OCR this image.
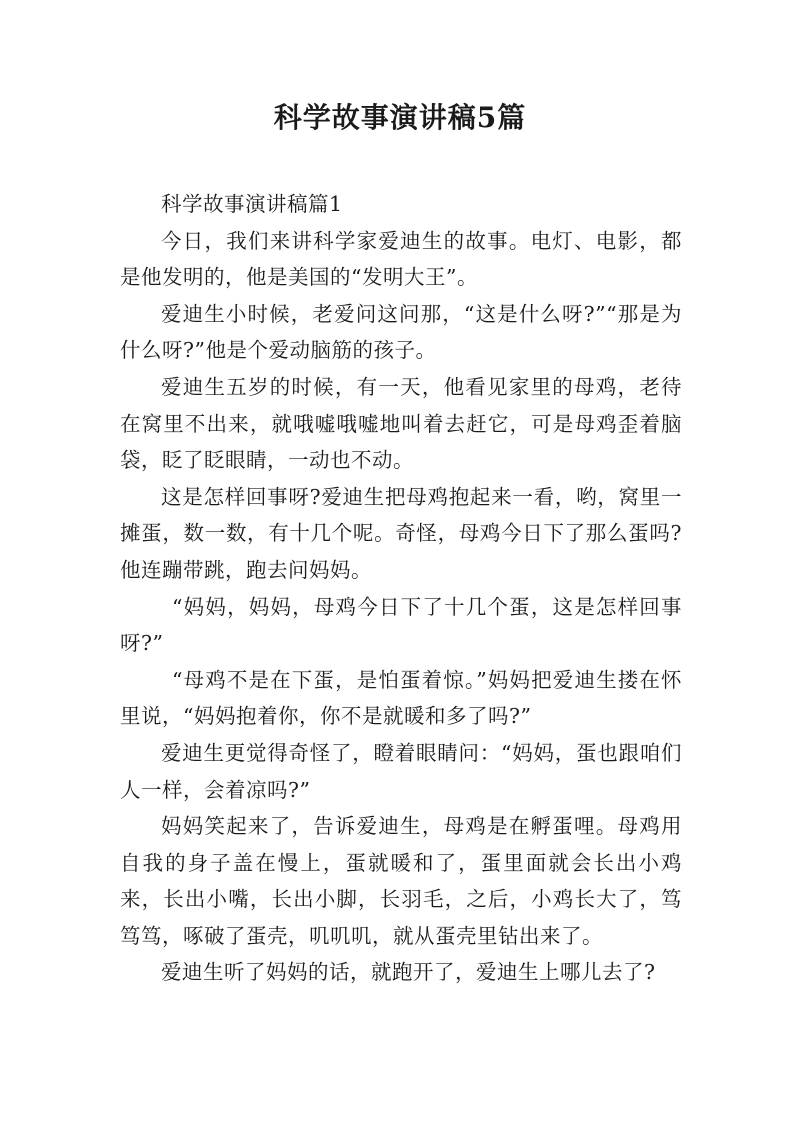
科学故事演讲稿5篇

科学故事演讲稿篇1

今日，我们来讲科学家爱迪生的故事。电灯、电影，都是他发明的，他是美国的“发明大王”。

爱迪生小时候，老爱问这问那，“这是什么呀?”“那是为什么呀?”他是个爱动脑筋的孩子。

爱迪生五岁的时候，有一天，他看见家里的母鸡，老待在窝里不出来，就哦嘘哦嘘地叫着去赶它，可是母鸡歪着脑袋，眨了眨眼睛，一动也不动。

这是怎样回事呀?爱迪生把母鸡抱起来一看，哟，窝里一摊蛋，数一数，有十几个呢。奇怪，母鸡今日下了那么蛋吗?他连蹦带跳，跑去问妈妈。

“妈妈，妈妈，母鸡今日下了十几个蛋，这是怎样回事呀?”

“母鸡不是在下蛋，是怕蛋着惊。”妈妈把爱迪生搂在怀里说，“妈妈抱着你，你不是就暖和多了吗?”

爱迪生更觉得奇怪了，瞪着眼睛问：“妈妈，蛋也跟咱们人一样，会着凉吗?”

妈妈笑起来了，告诉爱迪生，母鸡是在孵蛋哩。母鸡用自我的身子盖在慢上，蛋就暖和了，蛋里面就会长出小鸡来，长出小嘴，长出小脚，长羽毛，之后，小鸡长大了，笃笃笃，啄破了蛋壳，叽叽叽，就从蛋壳里钻出来了。

爱迪生听了妈妈的话，就跑开了，爱迪生上哪儿去了?
